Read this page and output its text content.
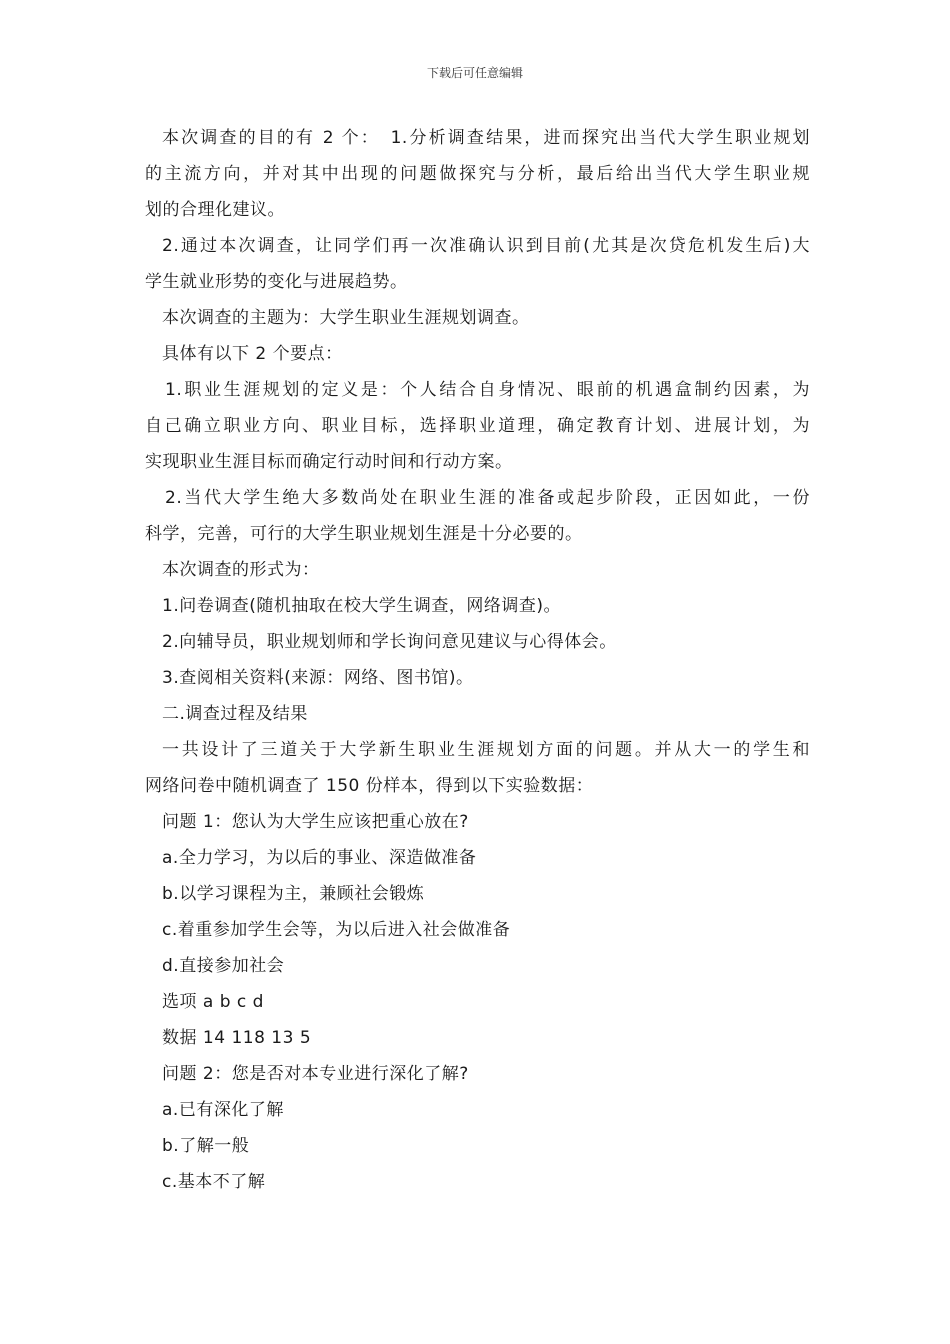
下载后可任意编辑

本次调查的目的有 2 个：　1.分析调查结果，进而探究出当代大学生职业规划

的主流方向，并对其中出现的问题做探究与分析，最后给出当代大学生职业规

划的合理化建议。

2.通过本次调查，让同学们再一次准确认识到目前(尤其是次贷危机发生后)大

学生就业形势的变化与进展趋势。

本次调查的主题为：大学生职业生涯规划调查。

具体有以下 2 个要点：

1.职业生涯规划的定义是：个人结合自身情况、眼前的机遇盒制约因素，为

自己确立职业方向、职业目标，选择职业道理，确定教育计划、进展计划，为

实现职业生涯目标而确定行动时间和行动方案。

2.当代大学生绝大多数尚处在职业生涯的准备或起步阶段，正因如此，一份

科学，完善，可行的大学生职业规划生涯是十分必要的。

本次调查的形式为：

1.问卷调查(随机抽取在校大学生调查，网络调查)。

2.向辅导员，职业规划师和学长询问意见建议与心得体会。

3.查阅相关资料(来源：网络、图书馆)。

二.调查过程及结果

一共设计了三道关于大学新生职业生涯规划方面的问题。并从大一的学生和

网络问卷中随机调查了 150 份样本，得到以下实验数据：

问题 1：您认为大学生应该把重心放在?

a.全力学习，为以后的事业、深造做准备

b.以学习课程为主，兼顾社会锻炼

c.着重参加学生会等，为以后进入社会做准备

d.直接参加社会

选项 a b c d

数据 14 118 13 5

问题 2：您是否对本专业进行深化了解?

a.已有深化了解

b.了解一般

c.基本不了解
